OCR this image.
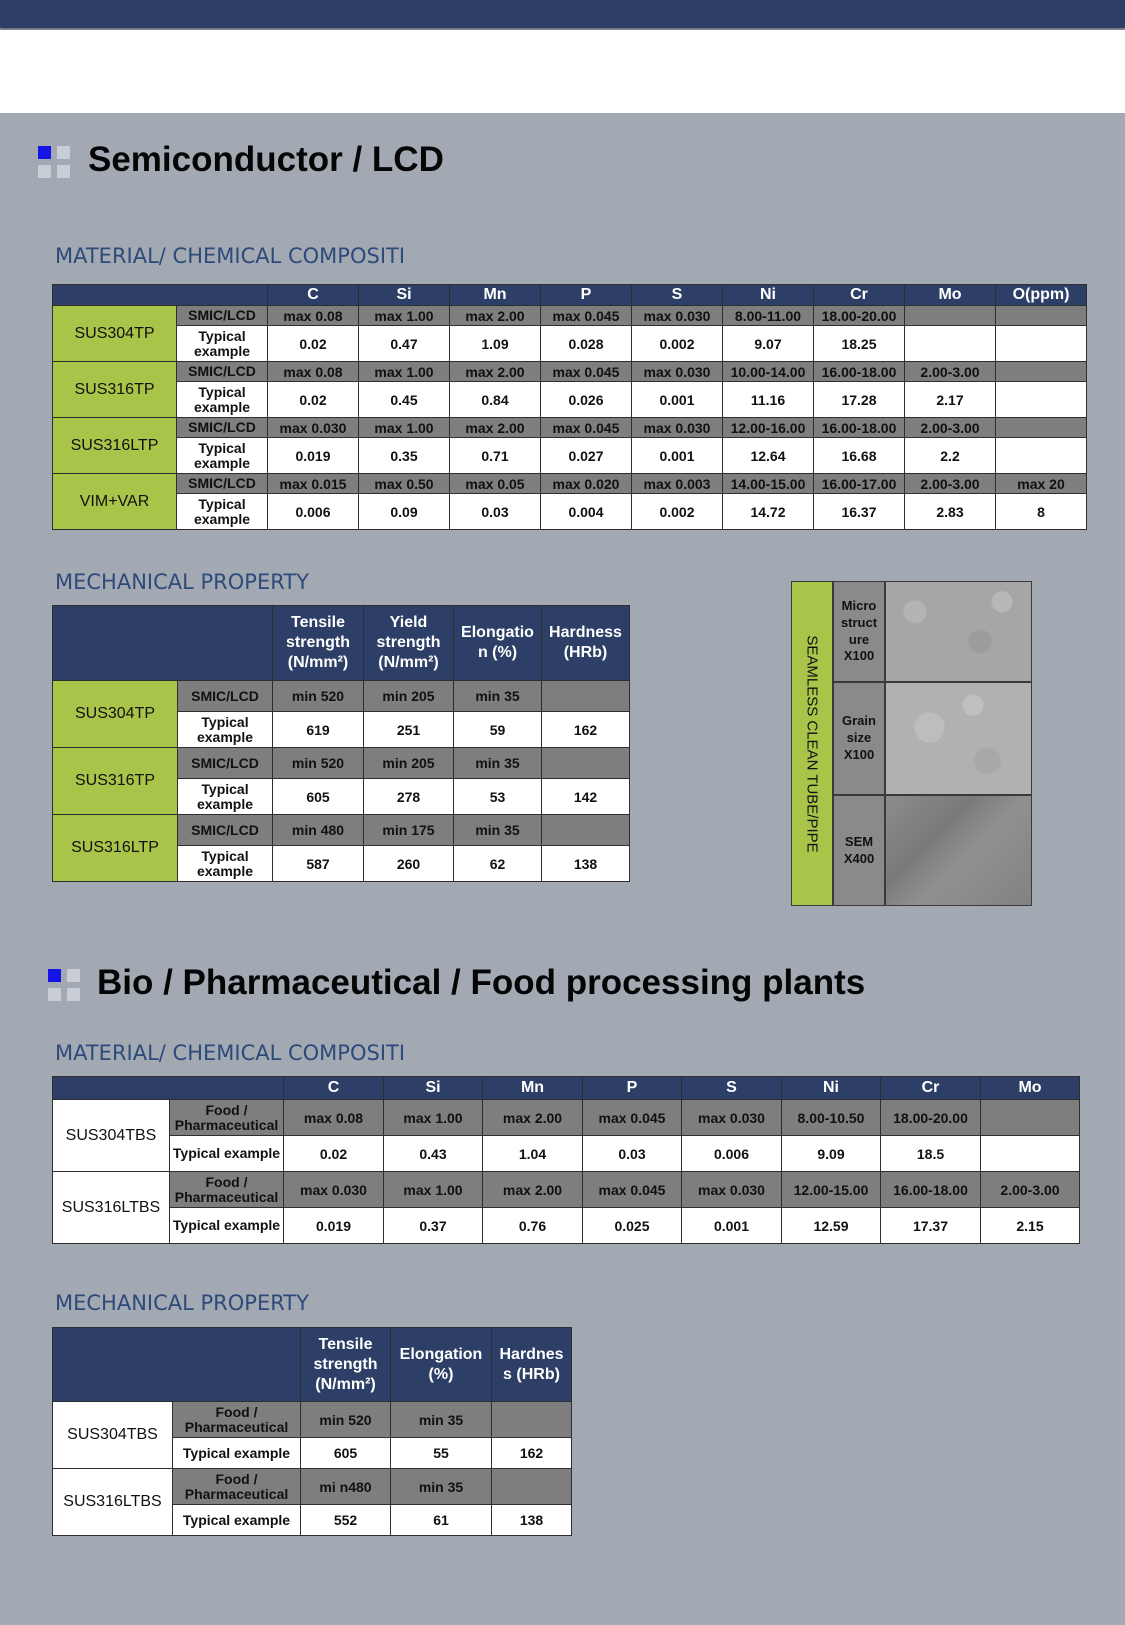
Semiconductor / LCD
MATERIAL/ CHEMICAL COMPOSITI
		C	Si	Mn	P	S	Ni	Cr	Mo	O(ppm)
SUS304TP	SMIC/LCD	max 0.08	max 1.00	max 2.00	max 0.045	max 0.030	8.00-11.00	18.00-20.00		
	Typical example	0.02	0.47	1.09	0.028	0.002	9.07	18.25		
SUS316TP	SMIC/LCD	max 0.08	max 1.00	max 2.00	max 0.045	max 0.030	10.00-14.00	16.00-18.00	2.00-3.00	
	Typical example	0.02	0.45	0.84	0.026	0.001	11.16	17.28	2.17	
SUS316LTP	SMIC/LCD	max 0.030	max 1.00	max 2.00	max 0.045	max 0.030	12.00-16.00	16.00-18.00	2.00-3.00	
	Typical example	0.019	0.35	0.71	0.027	0.001	12.64	16.68	2.2	
VIM+VAR	SMIC/LCD	max 0.015	max 0.50	max 0.05	max 0.020	max 0.003	14.00-15.00	16.00-17.00	2.00-3.00	max 20
	Typical example	0.006	0.09	0.03	0.004	0.002	14.72	16.37	2.83	8
MECHANICAL PROPERTY
		Tensile strength (N/mm²)	Yield strength (N/mm²)	Elongatio n (%)	Hardness (HRb)
SUS304TP	SMIC/LCD	min 520	min 205	min 35	
	Typical example	619	251	59	162
SUS316TP	SMIC/LCD	min 520	min 205	min 35	
	Typical example	605	278	53	142
SUS316LTP	SMIC/LCD	min 480	min 175	min 35	
	Typical example	587	260	62	138
SEAMLESS CLEAN TUBE/PIPE
Micro struct ure X100
Grain size X100
SEM X400
Bio / Pharmaceutical / Food processing plants
MATERIAL/ CHEMICAL COMPOSITI
		C	Si	Mn	P	S	Ni	Cr	Mo
SUS304TBS	Food / Pharmaceutical	max 0.08	max 1.00	max 2.00	max 0.045	max 0.030	8.00-10.50	18.00-20.00	
	Typical example	0.02	0.43	1.04	0.03	0.006	9.09	18.5	
SUS316LTBS	Food / Pharmaceutical	max 0.030	max 1.00	max 2.00	max 0.045	max 0.030	12.00-15.00	16.00-18.00	2.00-3.00
	Typical example	0.019	0.37	0.76	0.025	0.001	12.59	17.37	2.15
MECHANICAL PROPERTY
		Tensile strength (N/mm²)	Elongation (%)	Hardnes s (HRb)
SUS304TBS	Food / Pharmaceutical	min 520	min 35	
	Typical example	605	55	162
SUS316LTBS	Food / Pharmaceutical	mi n480	min 35	
	Typical example	552	61	138
